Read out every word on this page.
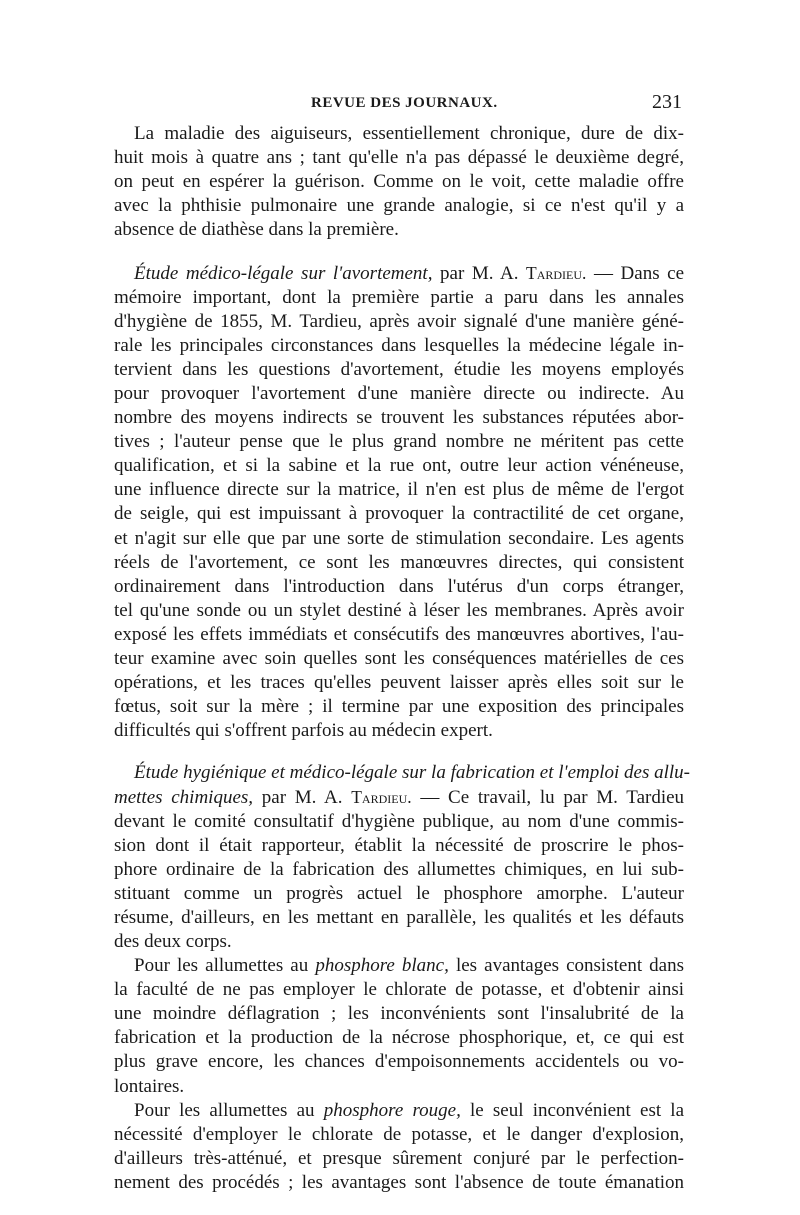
REVUE DES JOURNAUX.	231
La maladie des aiguiseurs, essentiellement chronique, dure de dix-
huit mois à quatre ans ; tant qu'elle n'a pas dépassé le deuxième degré,
on peut en espérer la guérison. Comme on le voit, cette maladie offre
avec la phthisie pulmonaire une grande analogie, si ce n'est qu'il y a
absence de diathèse dans la première.
Étude médico-légale sur l'avortement, par M. A. Tardieu. — Dans ce
mémoire important, dont la première partie a paru dans les annales
d'hygiène de 1855, M. Tardieu, après avoir signalé d'une manière géné-
rale les principales circonstances dans lesquelles la médecine légale in-
tervient dans les questions d'avortement, étudie les moyens employés
pour provoquer l'avortement d'une manière directe ou indirecte. Au
nombre des moyens indirects se trouvent les substances réputées abor-
tives ; l'auteur pense que le plus grand nombre ne méritent pas cette
qualification, et si la sabine et la rue ont, outre leur action vénéneuse,
une influence directe sur la matrice, il n'en est plus de même de l'ergot
de seigle, qui est impuissant à provoquer la contractilité de cet organe,
et n'agit sur elle que par une sorte de stimulation secondaire. Les agents
réels de l'avortement, ce sont les manœuvres directes, qui consistent
ordinairement dans l'introduction dans l'utérus d'un corps étranger,
tel qu'une sonde ou un stylet destiné à léser les membranes. Après avoir
exposé les effets immédiats et consécutifs des manœuvres abortives, l'au-
teur examine avec soin quelles sont les conséquences matérielles de ces
opérations, et les traces qu'elles peuvent laisser après elles soit sur le
fœtus, soit sur la mère ; il termine par une exposition des principales
difficultés qui s'offrent parfois au médecin expert.
Étude hygiénique et médico-légale sur la fabrication et l'emploi des allu-
mettes chimiques, par M. A. Tardieu. — Ce travail, lu par M. Tardieu
devant le comité consultatif d'hygiène publique, au nom d'une commis-
sion dont il était rapporteur, établit la nécessité de proscrire le phos-
phore ordinaire de la fabrication des allumettes chimiques, en lui sub-
stituant comme un progrès actuel le phosphore amorphe. L'auteur
résume, d'ailleurs, en les mettant en parallèle, les qualités et les défauts
des deux corps.
Pour les allumettes au phosphore blanc, les avantages consistent dans
la faculté de ne pas employer le chlorate de potasse, et d'obtenir ainsi
une moindre déflagration ; les inconvénients sont l'insalubrité de la
fabrication et la production de la nécrose phosphorique, et, ce qui est
plus grave encore, les chances d'empoisonnements accidentels ou vo-
lontaires.
Pour les allumettes au phosphore rouge, le seul inconvénient est la
nécessité d'employer le chlorate de potasse, et le danger d'explosion,
d'ailleurs très-atténué, et presque sûrement conjuré par le perfection-
nement des procédés ; les avantages sont l'absence de toute émanation
